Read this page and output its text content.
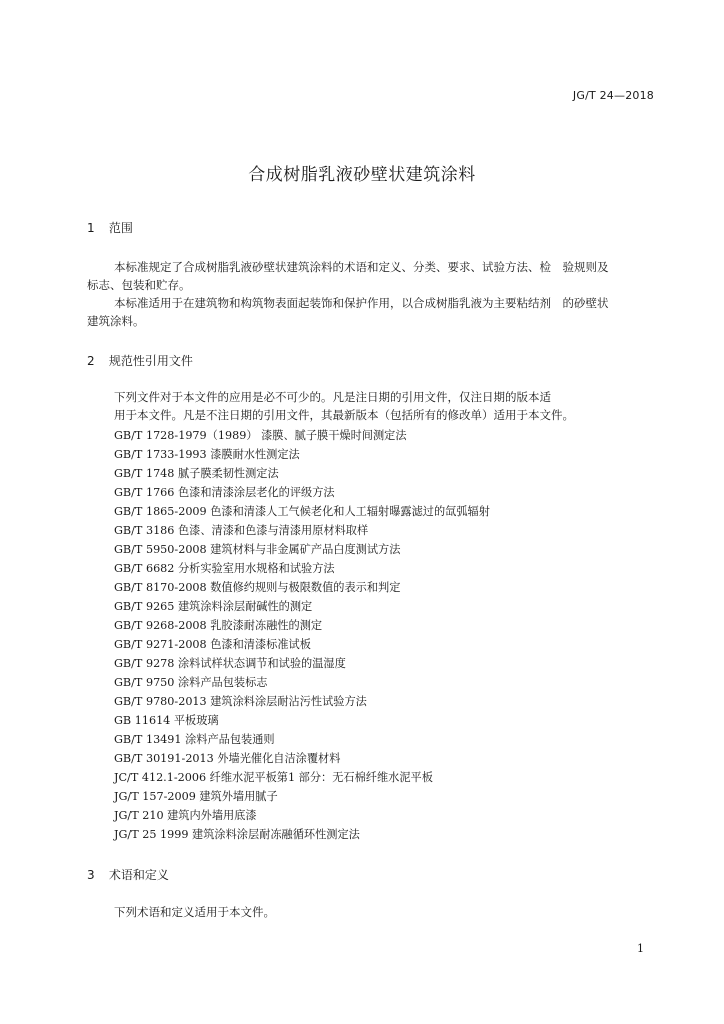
JG/T 24—2018
合成树脂乳液砂壁状建筑涂料
1 范围
本标准规定了合成树脂乳液砂壁状建筑涂料的术语和定义、分类、要求、试验方法、检　验规则及
标志、包装和贮存。
本标准适用于在建筑物和构筑物表面起装饰和保护作用，以合成树脂乳液为主要粘结剂　的砂壁状
建筑涂料。
2 规范性引用文件
下列文件对于本文件的应用是必不可少的。凡是注日期的引用文件，仅注日期的版本适
用于本文件。凡是不注日期的引用文件，其最新版本（包括所有的修改单）适用于本文件。
GB/T 1728-1979（1989） 漆膜、腻子膜干燥时间测定法
GB/T 1733-1993 漆膜耐水性测定法
GB/T 1748 腻子膜柔韧性测定法
GB/T 1766 色漆和清漆涂层老化的评级方法
GB/T 1865-2009 色漆和清漆人工气候老化和人工辐射曝露滤过的氙弧辐射
GB/T 3186 色漆、清漆和色漆与清漆用原材料取样
GB/T 5950-2008 建筑材料与非金属矿产品白度测试方法
GB/T 6682 分析实验室用水规格和试验方法
GB/T 8170-2008 数值修约规则与极限数值的表示和判定
GB/T 9265 建筑涂料涂层耐碱性的测定
GB/T 9268-2008 乳胶漆耐冻融性的测定
GB/T 9271-2008 色漆和清漆标准试板
GB/T 9278 涂料试样状态调节和试验的温湿度
GB/T 9750 涂料产品包装标志
GB/T 9780-2013 建筑涂料涂层耐沾污性试验方法
GB 11614 平板玻璃
GB/T 13491 涂料产品包装通则
GB/T 30191-2013 外墙光催化自洁涂覆材料
JC/T 412.1-2006 纤维水泥平板第1 部分：无石棉纤维水泥平板
JG/T 157-2009 建筑外墙用腻子
JG/T 210 建筑内外墙用底漆
JG/T 25 1999 建筑涂料涂层耐冻融循环性测定法
3 术语和定义
下列术语和定义适用于本文件。
1
